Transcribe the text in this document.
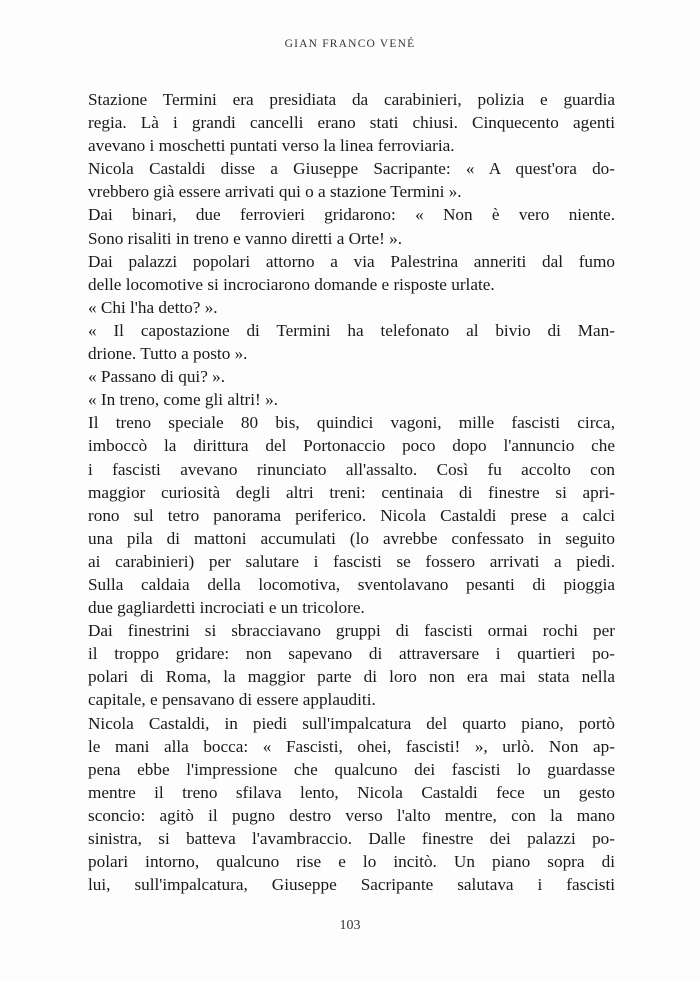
GIAN FRANCO VENÉ
Stazione Termini era presidiata da carabinieri, polizia e guardia
regia. Là i grandi cancelli erano stati chiusi. Cinquecento agenti
avevano i moschetti puntati verso la linea ferroviaria.
Nicola Castaldi disse a Giuseppe Sacripante: « A quest'ora do-
vrebbero già essere arrivati qui o a stazione Termini ».
Dai binari, due ferrovieri gridarono: « Non è vero niente.
Sono risaliti in treno e vanno diretti a Orte! ».
Dai palazzi popolari attorno a via Palestrina anneriti dal fumo
delle locomotive si incrociarono domande e risposte urlate.
« Chi l'ha detto? ».
« Il capostazione di Termini ha telefonato al bivio di Man-
drione. Tutto a posto ».
« Passano di qui? ».
« In treno, come gli altri! ».
Il treno speciale 80 bis, quindici vagoni, mille fascisti circa,
imboccò la dirittura del Portonaccio poco dopo l'annuncio che
i fascisti avevano rinunciato all'assalto. Così fu accolto con
maggior curiosità degli altri treni: centinaia di finestre si apri-
rono sul tetro panorama periferico. Nicola Castaldi prese a calci
una pila di mattoni accumulati (lo avrebbe confessato in seguito
ai carabinieri) per salutare i fascisti se fossero arrivati a piedi.
Sulla caldaia della locomotiva, sventolavano pesanti di pioggia
due gagliardetti incrociati e un tricolore.
Dai finestrini si sbracciavano gruppi di fascisti ormai rochi per
il troppo gridare: non sapevano di attraversare i quartieri po-
polari di Roma, la maggior parte di loro non era mai stata nella
capitale, e pensavano di essere applauditi.
Nicola Castaldi, in piedi sull'impalcatura del quarto piano, portò
le mani alla bocca: « Fascisti, ohei, fascisti! », urlò. Non ap-
pena ebbe l'impressione che qualcuno dei fascisti lo guardasse
mentre il treno sfilava lento, Nicola Castaldi fece un gesto
sconcio: agitò il pugno destro verso l'alto mentre, con la mano
sinistra, si batteva l'avambraccio. Dalle finestre dei palazzi po-
polari intorno, qualcuno rise e lo incitò. Un piano sopra di
lui, sull'impalcatura, Giuseppe Sacripante salutava i fascisti
103
